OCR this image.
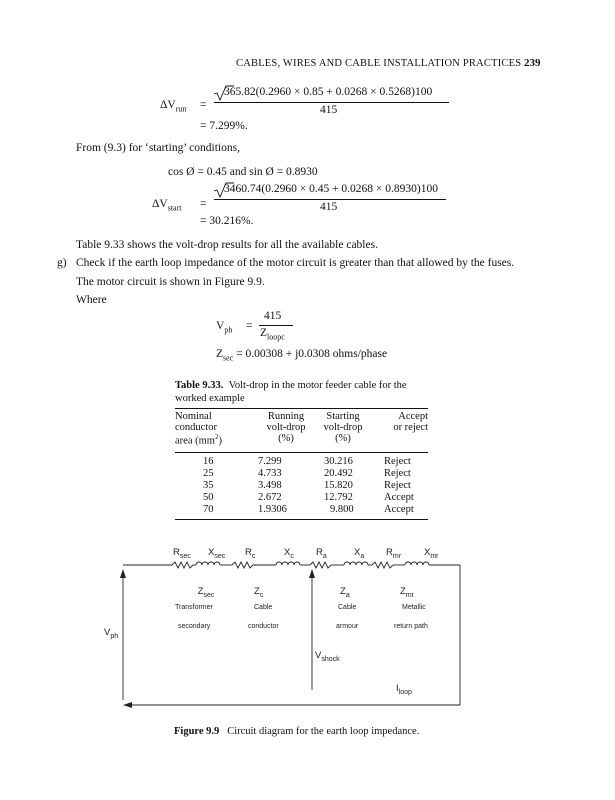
CABLES, WIRES AND CABLE INSTALLATION PRACTICES 239
$\Delta V_{run}$ =
365.82(0.2960 × 0.85 + 0.0268 × 0.5268)100
415
= 7.299%.
From (9.3) for ‘starting’ conditions,
cos Ø = 0.45 and sin Ø = 0.8930
$\Delta V_{start}$ =
3460.74(0.2960 × 0.45 + 0.0268 × 0.8930)100
415
= 30.216%.
Table 9.33 shows the volt-drop results for all the available cables.
g) Check if the earth loop impedance of the motor circuit is greater than that allowed by the fuses.
The motor circuit is shown in Figure 9.9.
Where
$V_{ph}$ =
415
$Z_{loopc}$
$Z_{sec} = 0.00308 + j0.0308$ ohms/phase
Table 9.33. Volt-drop in the motor feeder cable for the
worked example
Nominal
conductor
area $(mm^2)$
Running
volt-drop
(%)
Starting
volt-drop
(%)
Accept
or reject
16	7.299	30.216	Reject
25	4.733	20.492	Reject
35	3.498	15.820	Reject
50	2.672	12.792	Accept
70	1.9306	9.800	Accept
$R_{sec}$ $X_{sec}$ $R_c$	$X_c$ $R_a$	$X_a$ $R_{mr}$ $X_{mr}$
$Z_{sec}$
Transformer
secondary
$Z_c$
Cable
conductor
$Z_a$
Cable
armour
$Z_{mr}$
Metallic
return path
$V_{ph}$
$V_{shock}$
$I_{loop}$
Figure 9.9 Circuit diagram for the earth loop impedance.
